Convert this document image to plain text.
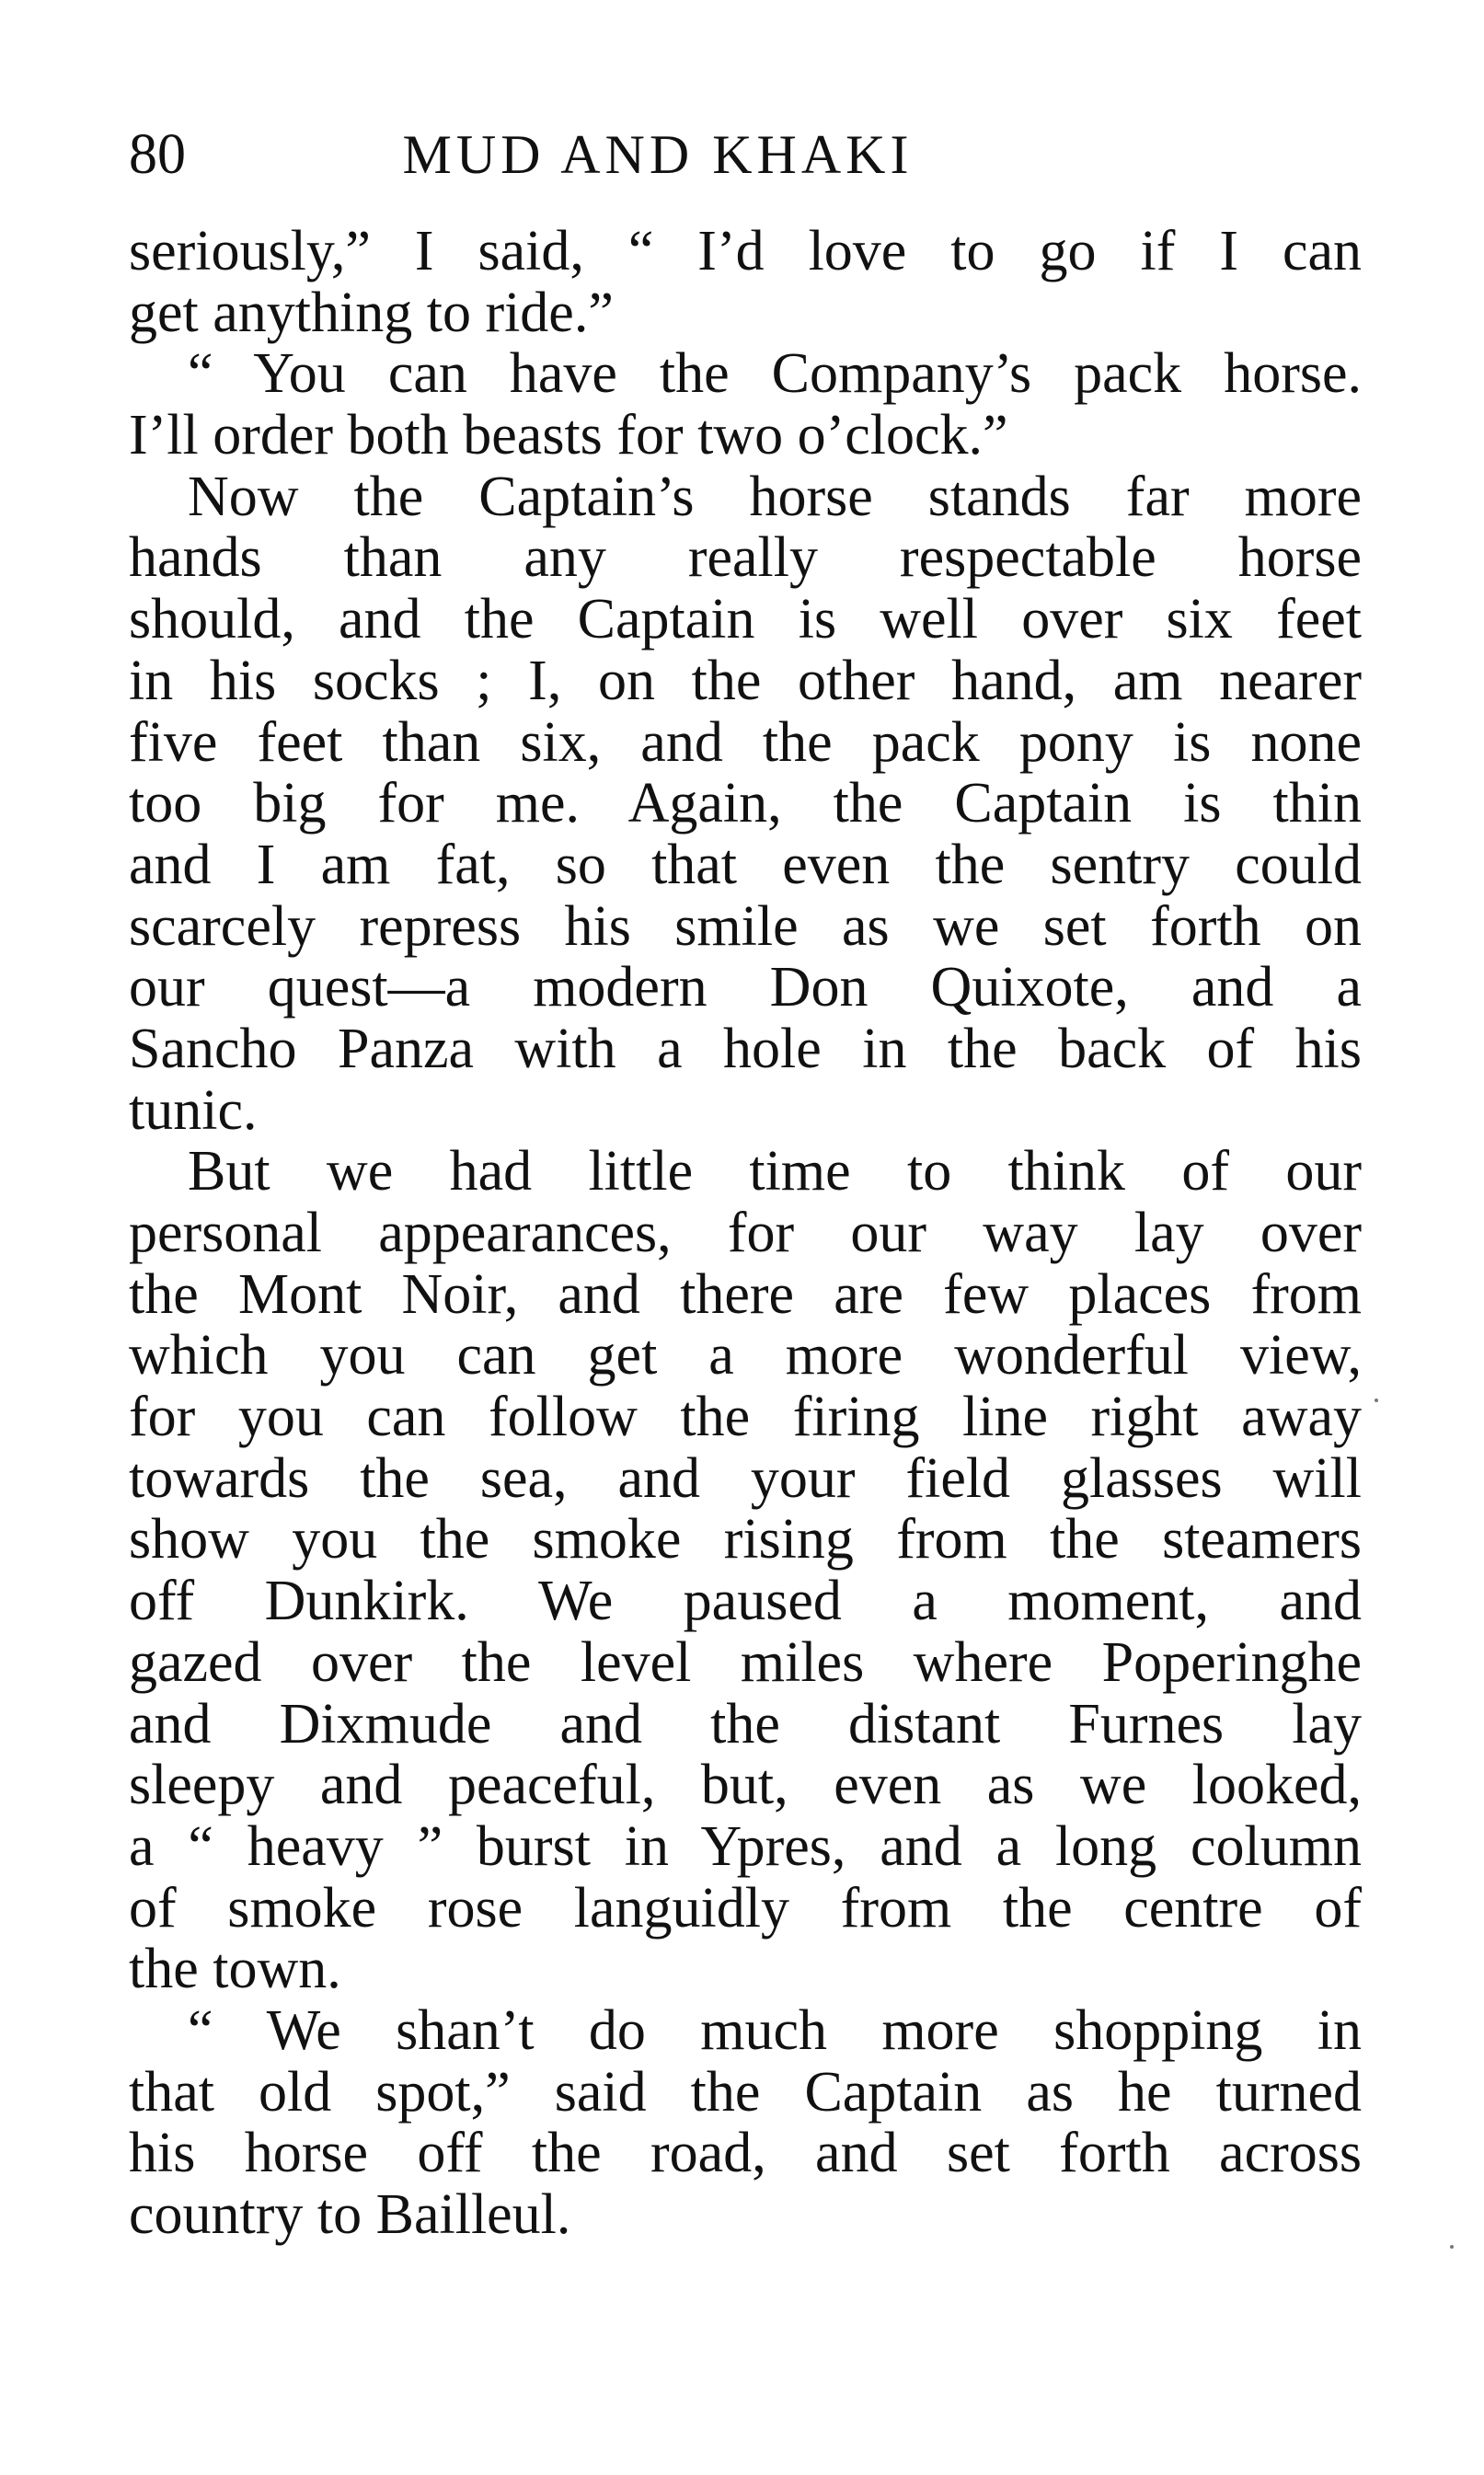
80	MUD AND KHAKI
seriously,” I said, “ I’d love to go if I can
get anything to ride.”
“ You can have the Company’s pack horse.
I’ll order both beasts for two o’clock.”
Now the Captain’s horse stands far more
hands than any really respectable horse
should, and the Captain is well over six feet
in his socks ; I, on the other hand, am nearer
five feet than six, and the pack pony is none
too big for me. Again, the Captain is thin
and I am fat, so that even the sentry could
scarcely repress his smile as we set forth on
our quest—a modern Don Quixote, and a
Sancho Panza with a hole in the back of his
tunic.
But we had little time to think of our
personal appearances, for our way lay over
the Mont Noir, and there are few places from
which you can get a more wonderful view,
for you can follow the firing line right away
towards the sea, and your field glasses will
show you the smoke rising from the steamers
off Dunkirk. We paused a moment, and
gazed over the level miles where Poperinghe
and Dixmude and the distant Furnes lay
sleepy and peaceful, but, even as we looked,
a “ heavy ” burst in Ypres, and a long column
of smoke rose languidly from the centre of
the town.
“ We shan’t do much more shopping in
that old spot,” said the Captain as he turned
his horse off the road, and set forth across
country to Bailleul.
